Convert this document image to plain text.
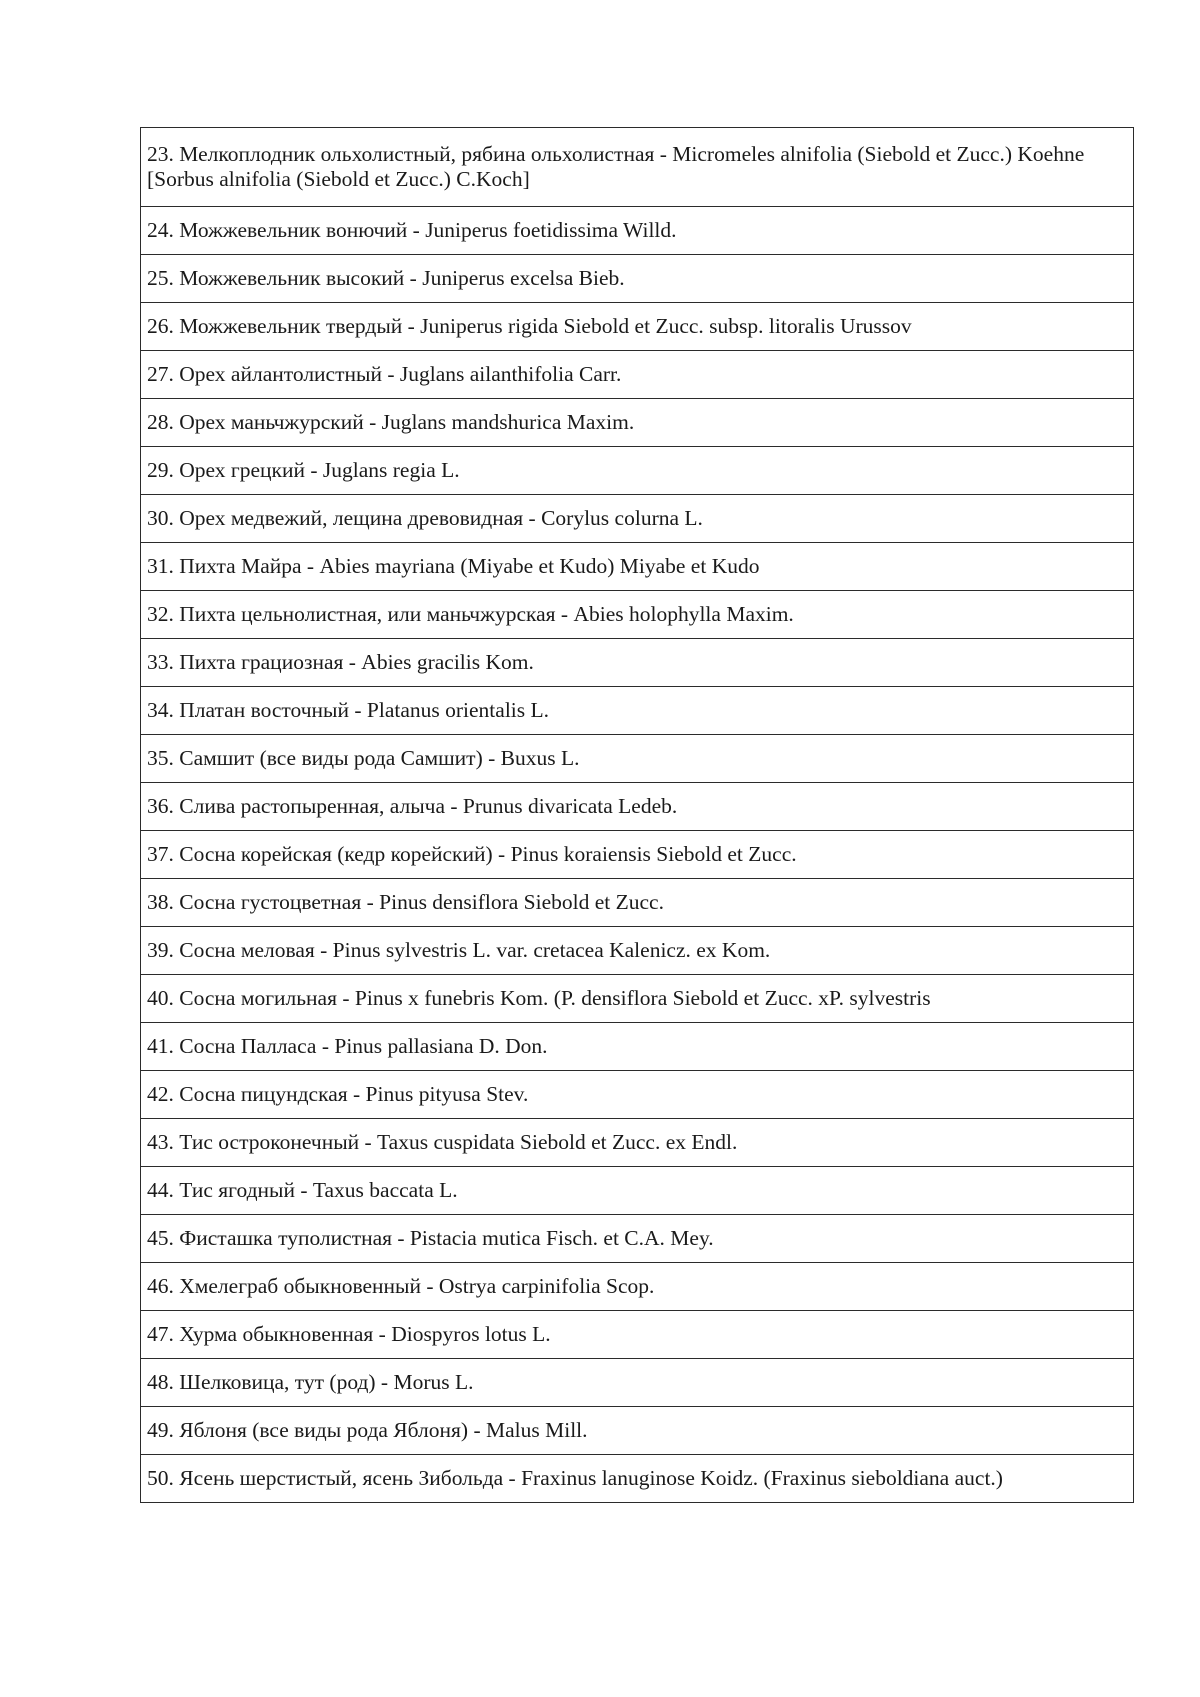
23. Мелкоплодник ольхолистный, рябина ольхолистная - Micromeles alnifolia (Siebold et Zucc.) Koehne [Sorbus alnifolia (Siebold et Zucc.) C.Koch]
24. Можжевельник вонючий - Juniperus foetidissima Willd.
25. Можжевельник высокий - Juniperus excelsa Bieb.
26. Можжевельник твердый - Juniperus rigida Siebold et Zucc. subsp. litoralis Urussov
27. Орех айлантолистный - Juglans ailanthifolia Carr.
28. Орех маньчжурский - Juglans mandshurica Maxim.
29. Орех грецкий - Juglans regia L.
30. Орех медвежий, лещина древовидная - Corylus colurna L.
31. Пихта Майра - Abies mayriana (Miyabe et Kudo) Miyabe et Kudo
32. Пихта цельнолистная, или маньчжурская - Abies holophylla Maxim.
33. Пихта грациозная - Abies gracilis Kom.
34. Платан восточный - Platanus orientalis L.
35. Самшит (все виды рода Самшит) - Buxus L.
36. Слива растопыренная, алыча - Prunus divaricata Ledeb.
37. Сосна корейская (кедр корейский) - Pinus koraiensis Siebold et Zucc.
38. Сосна густоцветная - Pinus densiflora Siebold et Zucc.
39. Сосна меловая - Pinus sylvestris L. var. cretacea Kalenicz. ex Kom.
40. Сосна могильная - Pinus x funebris Kom. (P. densiflora Siebold et Zucc. xP. sylvestris
41. Сосна Палласа - Pinus pallasiana D. Don.
42. Сосна пицундская - Pinus pityusa Stev.
43. Тис остроконечный - Taxus cuspidata Siebold et Zucc. ex Endl.
44. Тис ягодный - Taxus baccata L.
45. Фисташка туполистная - Pistacia mutica Fisch. et C.A. Mey.
46. Хмелеграб обыкновенный - Ostrya carpinifolia Scop.
47. Хурма обыкновенная - Diospyros lotus L.
48. Шелковица, тут (род) - Morus L.
49. Яблоня (все виды рода Яблоня) - Malus Mill.
50. Ясень шерстистый, ясень Зибольда - Fraxinus lanuginose Koidz. (Fraxinus sieboldiana auct.)
